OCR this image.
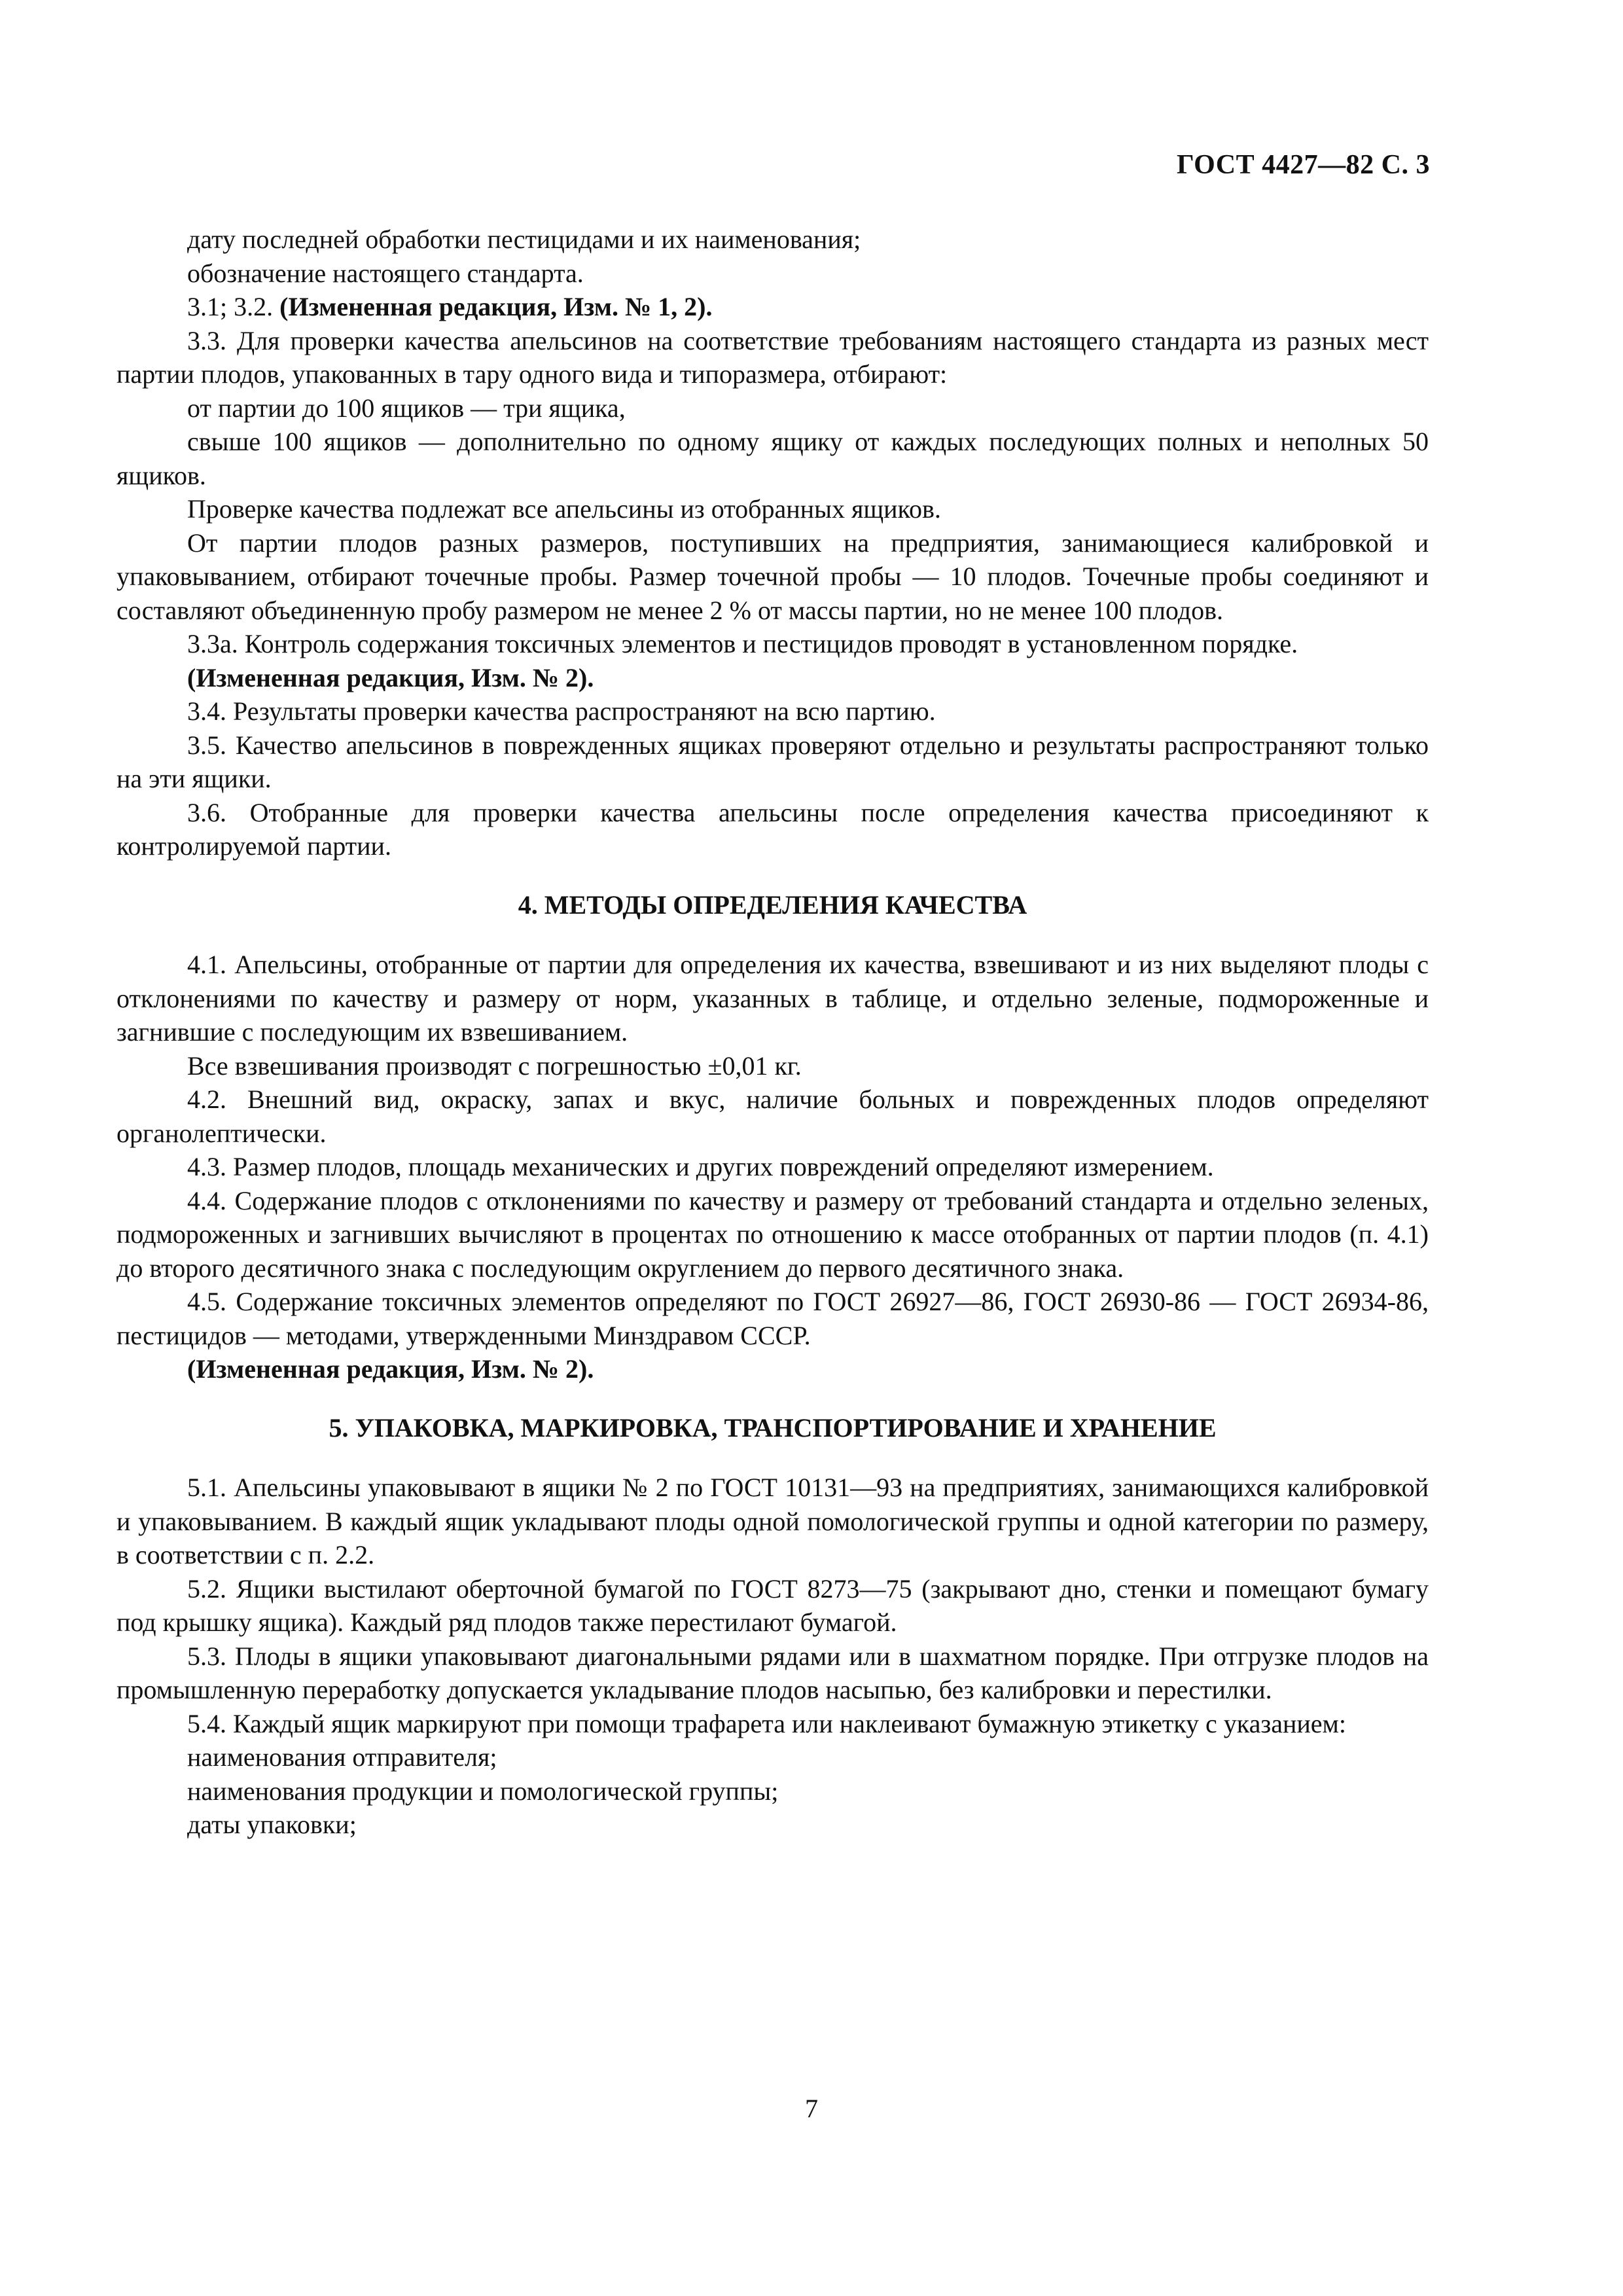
ГОСТ 4427—82 С. 3

дату последней обработки пестицидами и их наименования;

обозначение настоящего стандарта.

3.1; 3.2. (Измененная редакция, Изм. № 1, 2).

3.3. Для проверки качества апельсинов на соответствие требованиям настоящего стандарта из разных мест партии плодов, упакованных в тару одного вида и типоразмера, отбирают:

от партии до 100 ящиков — три ящика,

свыше 100 ящиков — дополнительно по одному ящику от каждых последующих полных и неполных 50 ящиков.

Проверке качества подлежат все апельсины из отобранных ящиков.

От партии плодов разных размеров, поступивших на предприятия, занимающиеся калибровкой и упаковыванием, отбирают точечные пробы. Размер точечной пробы — 10 плодов. Точечные пробы соединяют и составляют объединенную пробу размером не менее 2 % от массы партии, но не менее 100 плодов.

3.3а. Контроль содержания токсичных элементов и пестицидов проводят в установленном порядке.

(Измененная редакция, Изм. № 2).

3.4. Результаты проверки качества распространяют на всю партию.

3.5. Качество апельсинов в поврежденных ящиках проверяют отдельно и результаты распространяют только на эти ящики.

3.6. Отобранные для проверки качества апельсины после определения качества присоединяют к контролируемой партии.

4. МЕТОДЫ ОПРЕДЕЛЕНИЯ КАЧЕСТВА

4.1. Апельсины, отобранные от партии для определения их качества, взвешивают и из них выделяют плоды с отклонениями по качеству и размеру от норм, указанных в таблице, и отдельно зеленые, подмороженные и загнившие с последующим их взвешиванием.

Все взвешивания производят с погрешностью ±0,01 кг.

4.2. Внешний вид, окраску, запах и вкус, наличие больных и поврежденных плодов определяют органолептически.

4.3. Размер плодов, площадь механических и других повреждений определяют измерением.

4.4. Содержание плодов с отклонениями по качеству и размеру от требований стандарта и отдельно зеленых, подмороженных и загнивших вычисляют в процентах по отношению к массе отобранных от партии плодов (п. 4.1) до второго десятичного знака с последующим округлением до первого десятичного знака.

4.5. Содержание токсичных элементов определяют по ГОСТ 26927—86, ГОСТ 26930-86 — ГОСТ 26934-86, пестицидов — методами, утвержденными Минздравом СССР.

(Измененная редакция, Изм. № 2).

5. УПАКОВКА, МАРКИРОВКА, ТРАНСПОРТИРОВАНИЕ И ХРАНЕНИЕ

5.1. Апельсины упаковывают в ящики № 2 по ГОСТ 10131—93 на предприятиях, занимающихся калибровкой и упаковыванием. В каждый ящик укладывают плоды одной помологической группы и одной категории по размеру, в соответствии с п. 2.2.

5.2. Ящики выстилают оберточной бумагой по ГОСТ 8273—75 (закрывают дно, стенки и помещают бумагу под крышку ящика). Каждый ряд плодов также перестилают бумагой.

5.3. Плоды в ящики упаковывают диагональными рядами или в шахматном порядке. При отгрузке плодов на промышленную переработку допускается укладывание плодов насыпью, без калибровки и перестилки.

5.4. Каждый ящик маркируют при помощи трафарета или наклеивают бумажную этикетку с указанием:

наименования отправителя;

наименования продукции и помологической группы;

даты упаковки;

7
